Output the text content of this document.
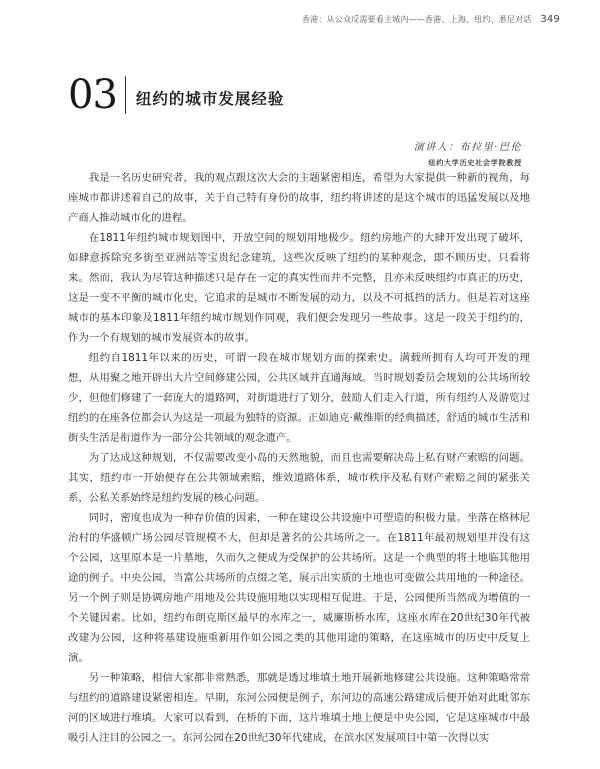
香港：从公众反需要看主城内——香港、上海、纽约、悉尼对话 349
03 纽约的城市发展经验
演讲人：布拉里·巴伦
纽约大学历史社会学院教授

我是一名历史研究者，我的观点跟这次大会的主题紧密相连，希望为大家提供一种新的视角，每座城市都讲述着自己的故事，关于自己特有身份的故事，纽约将讲述的是这个城市的迅猛发展以及地产商人推动城市化的进程。

在1811年纽约城市规划图中，开放空间的规划用地极少。纽约房地产的大肆开发出现了破坏，如肆意拆除究多街至亚洲站等宝贵纪念建筑，这些次反映了纽约的某种观念，即不顾历史，只看将来。然而，我认为尽管这种描述只是存在一定的真实性而并不完整，且亦未反映纽约市真正的历史，这是一变不平衡的城市化史，它追求的是城市不断发展的动力，以及不可抵挡的活力。但是若对这座城市的基本印象及1811年纽约城市规划作同观，我们便会发现另一些故事。这是一段关于纽约的，作为一个有规划的城市发展资本的故事。

纽约自1811年以来的历史，可谓一段在城市规划方面的探索史。满载所拥有人均可开发的理想，从用聚之地开辟出大片空间修建公园，公共区域并直通海域。当时规划委员会规划的公共场所较少，但他们修建了一套庞大的道路网，对街道进行了划分，鼓励人们走入行道，所有纽约人及游览过纽约的在座各位都会认为这是一项最为独特的资源。正如迪克·戴维斯的经典描述，舒适的城市生活和街头生活是衔道作为一部分公共领域的观念遗产。

为了达成这种规划，不仅需要改变小岛的天然地貌，而且也需要解决岛上私有财产索赔的问题。其实，纽约市一开始便存在公共领域索赔，维效道路体系，城市秩序及私有财产索赔之间的紧张关系，公私关系始终是纽约发展的核心问题。

同时，密度也成为一种存价值的因素，一种在建设公共设施中可塑造的积极力量。坐落在格林尼治村的华盛顿广场公园尽管规模不大，但却是著名的公共场所之一。在1811年最初规划里并没有这个公园，这里原本是一片墓地，久而久之便成为受保护的公共场所。这是一个典型的将土地临其他用途的例子。中央公园，当富公共场所的点缀之笔，展示出实质的土地也可变做公共用地的一种途径。另一个例子则是协调房地产用地及公共设施用地以实现相互促进。于是，公园便所当然成为增值的一个关键因素。比如，纽约布朗克斯区最早的水库之一，威廉斯桥水库，这座水库在20世纪30年代被改建为公园，这种将基建设施重新用作如公园之类的其他用途的策略，在这座城市的历史中反复上演。

另一种策略，相信大家都非常熟悉，那就是透过堆填土地开展新地修建公共设施。这种策略常常与纽约的道路建设紧密相连。早期，东河公园便是例子，东河边的高速公路建成后便开始对此毗邻东河的区域进行堆填。大家可以看到，在桥的下面，这片堆填土地上便是中央公园，它是这座城市中最吸引人注目的公园之一。东河公园在20世纪30年代建成，在滨水区发展项目中第一次得以实
